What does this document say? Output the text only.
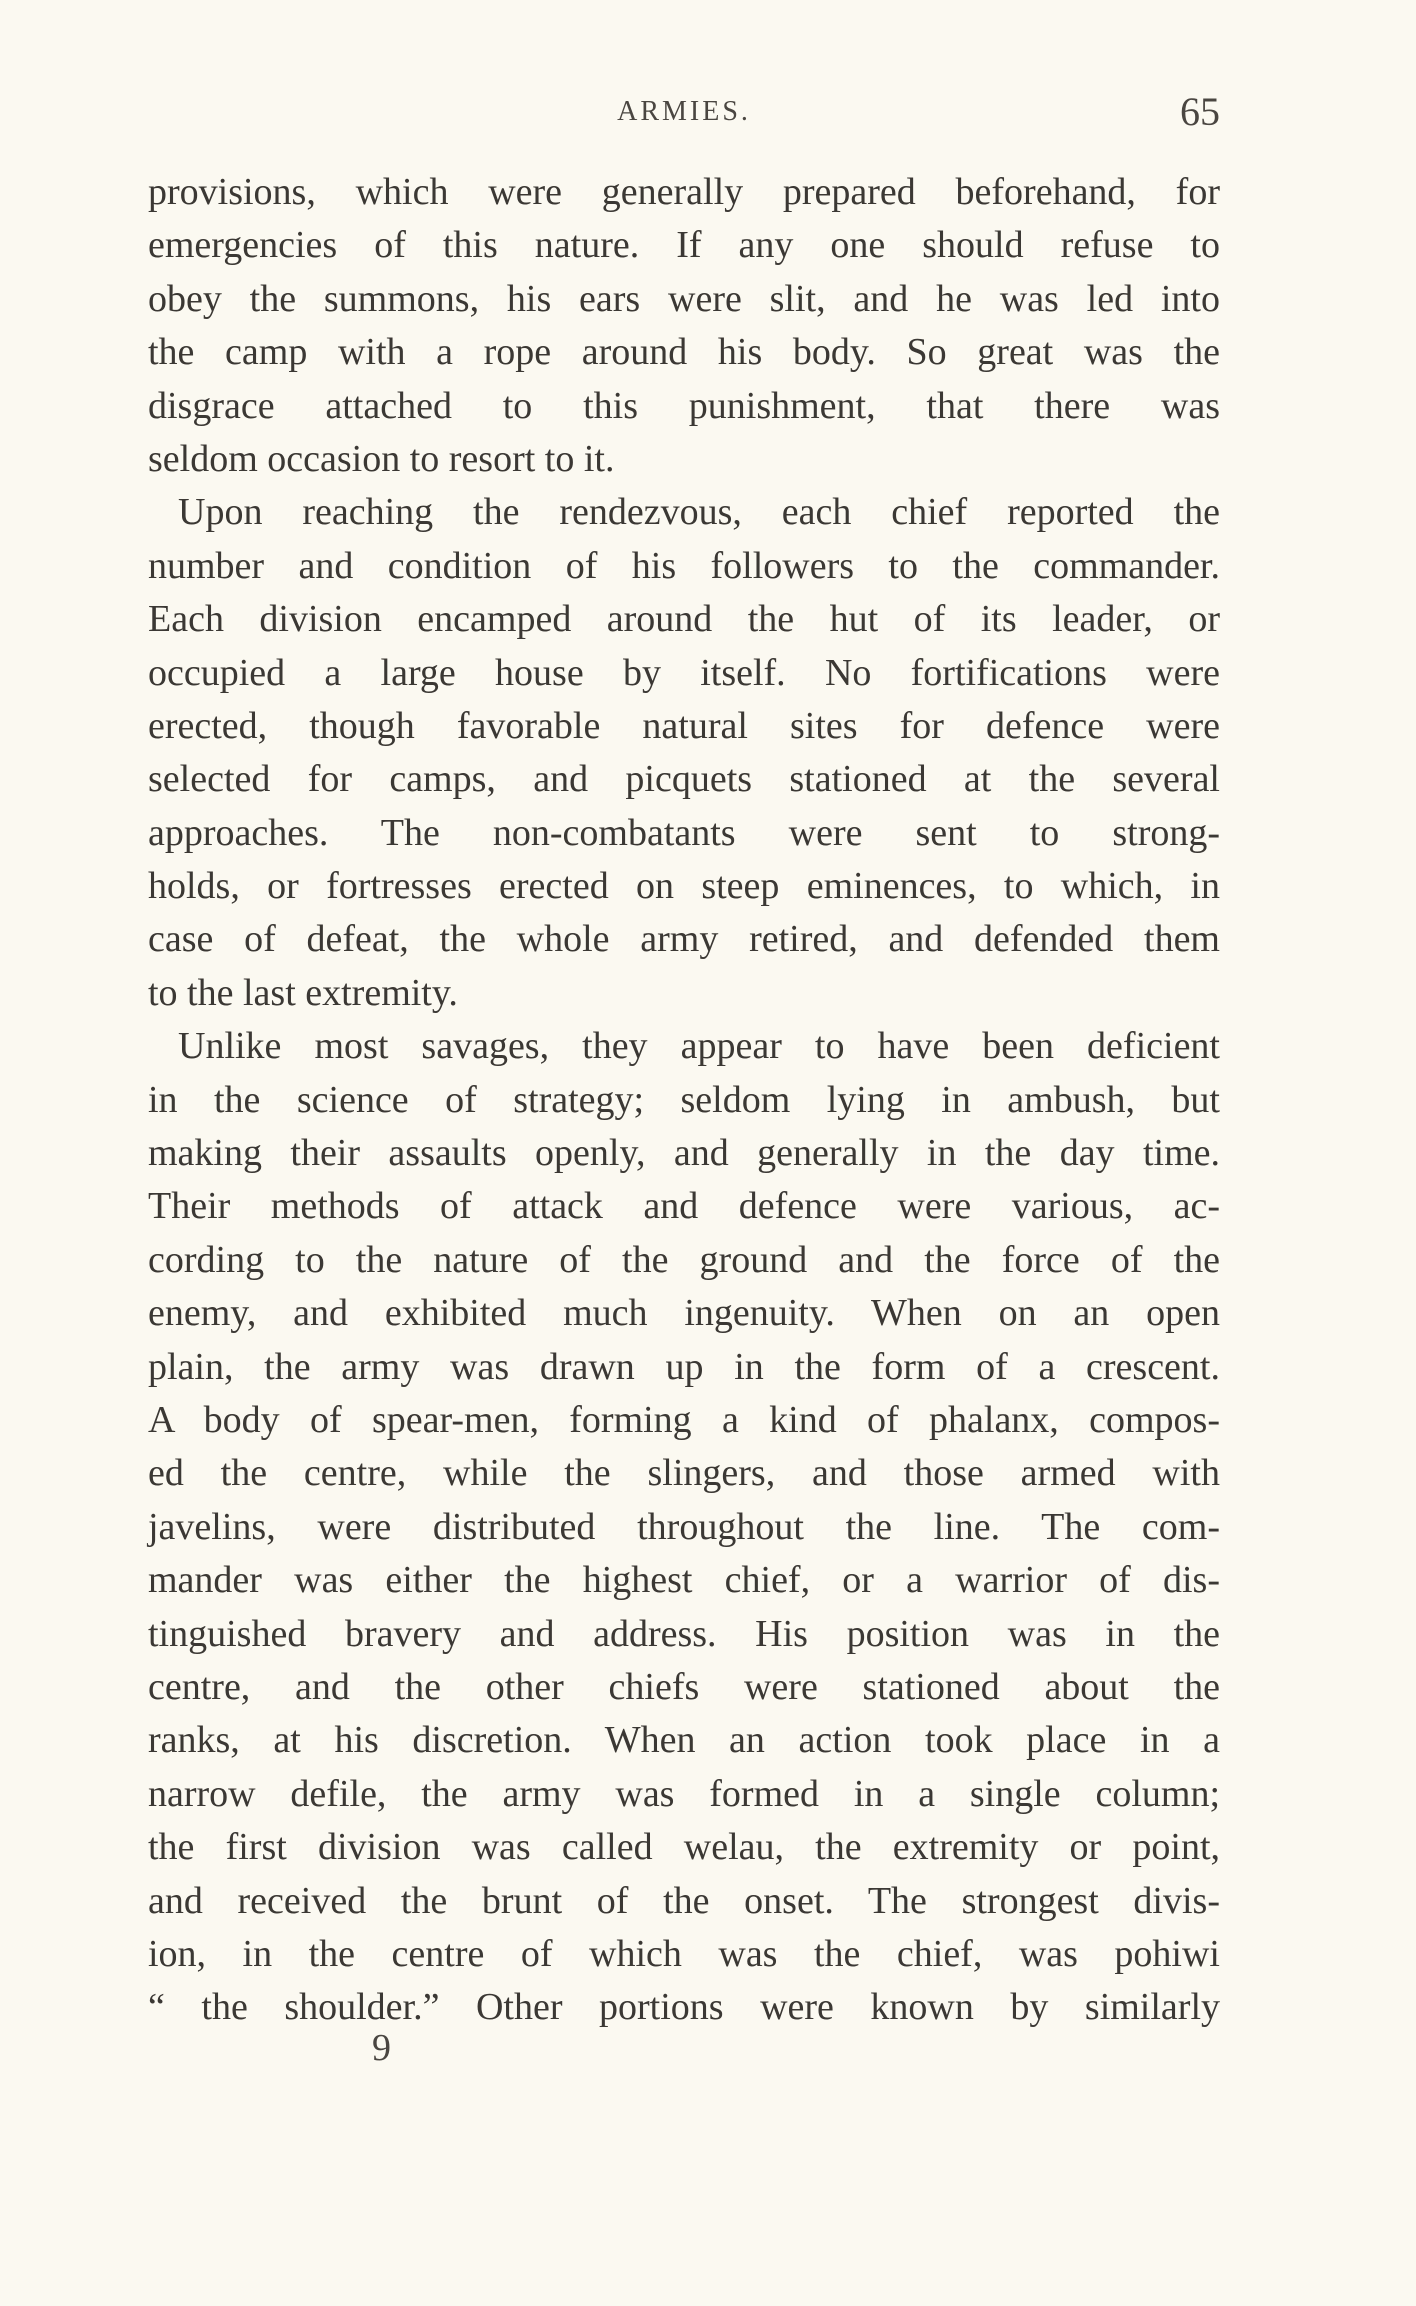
ARMIES.	65
provisions, which were generally prepared beforehand, for
emergencies of this nature. If any one should refuse to
obey the summons, his ears were slit, and he was led into
the camp with a rope around his body. So great was the
disgrace attached to this punishment, that there was
seldom occasion to resort to it.
Upon reaching the rendezvous, each chief reported the
number and condition of his followers to the commander.
Each division encamped around the hut of its leader, or
occupied a large house by itself. No fortifications were
erected, though favorable natural sites for defence were
selected for camps, and picquets stationed at the several
approaches. The non-combatants were sent to strong-
holds, or fortresses erected on steep eminences, to which, in
case of defeat, the whole army retired, and defended them
to the last extremity.
Unlike most savages, they appear to have been deficient
in the science of strategy; seldom lying in ambush, but
making their assaults openly, and generally in the day time.
Their methods of attack and defence were various, ac-
cording to the nature of the ground and the force of the
enemy, and exhibited much ingenuity. When on an open
plain, the army was drawn up in the form of a crescent.
A body of spear-men, forming a kind of phalanx, compos-
ed the centre, while the slingers, and those armed with
javelins, were distributed throughout the line. The com-
mander was either the highest chief, or a warrior of dis-
tinguished bravery and address. His position was in the
centre, and the other chiefs were stationed about the
ranks, at his discretion. When an action took place in a
narrow defile, the army was formed in a single column;
the first division was called welau, the extremity or point,
and received the brunt of the onset. The strongest divis-
ion, in the centre of which was the chief, was pohiwi
“ the shoulder.” Other portions were known by similarly
9
